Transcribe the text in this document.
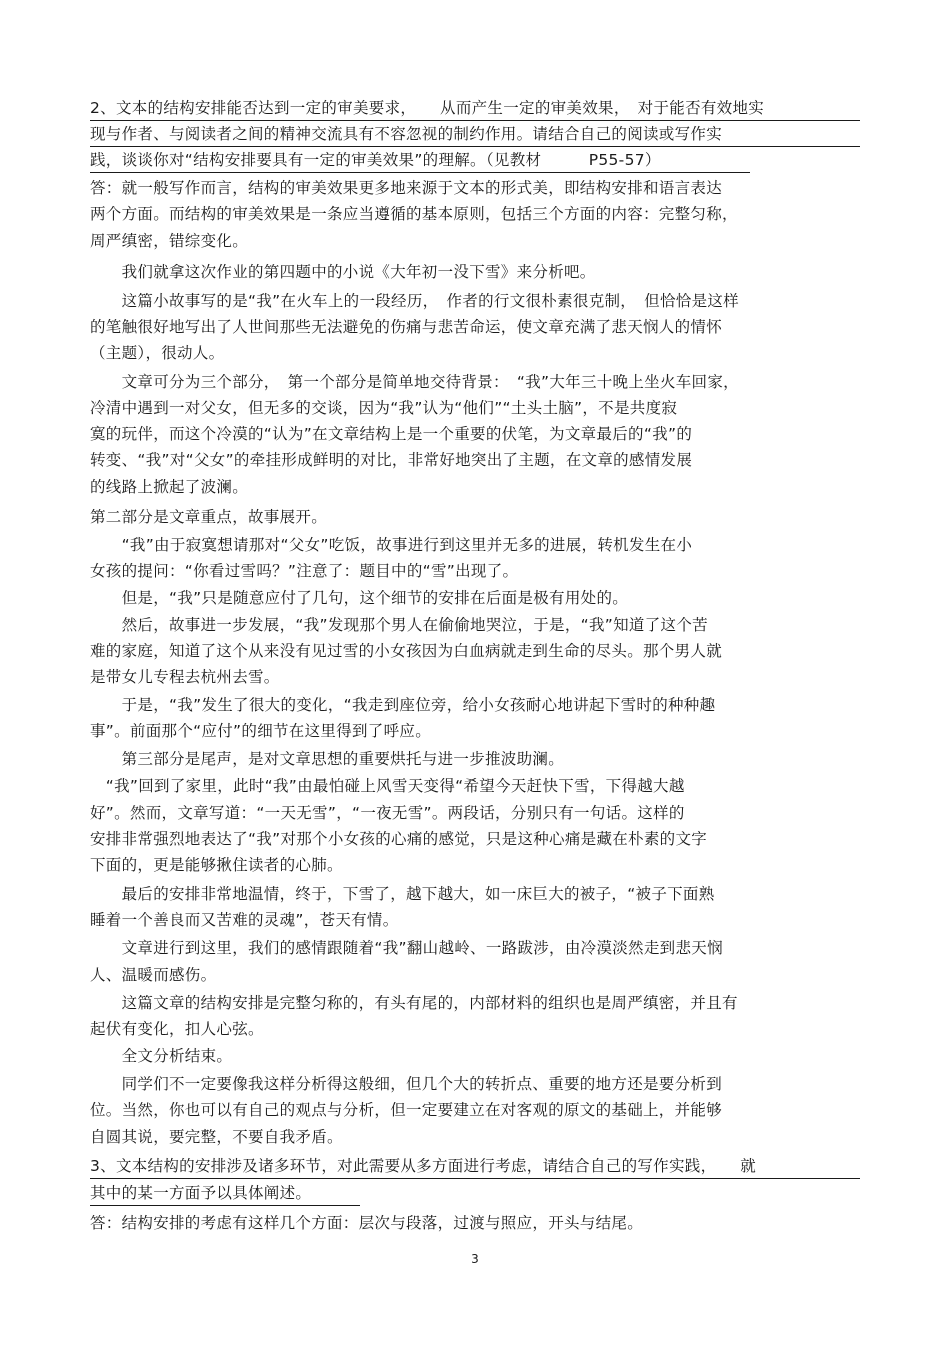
2、文本的结构安排能否达到一定的审美要求，　　从而产生一定的审美效果，　对于能否有效地实
现与作者、与阅读者之间的精神交流具有不容忽视的制约作用。请结合自己的阅读或写作实
践，谈谈你对“结构安排要具有一定的审美效果”的理解。（见教材　　　P55-57）
答：就一般写作而言，结构的审美效果更多地来源于文本的形式美，即结构安排和语言表达
两个方面。而结构的审美效果是一条应当遵循的基本原则，包括三个方面的内容：完整匀称，
周严缜密，错综变化。
　　我们就拿这次作业的第四题中的小说《大年初一没下雪》来分析吧。
　　这篇小故事写的是“我”在火车上的一段经历，　作者的行文很朴素很克制，　但恰恰是这样
的笔触很好地写出了人世间那些无法避免的伤痛与悲苦命运，使文章充满了悲天悯人的情怀
（主题），很动人。
　　文章可分为三个部分，　第一个部分是简单地交待背景：　“我”大年三十晚上坐火车回家，
冷清中遇到一对父女，但无多的交谈，因为“我”认为“他们”“土头土脑”，不是共度寂
寞的玩伴，而这个冷漠的“认为”在文章结构上是一个重要的伏笔，为文章最后的“我”的
转变、“我”对“父女”的牵挂形成鲜明的对比，非常好地突出了主题，在文章的感情发展
的线路上掀起了波澜。
第二部分是文章重点，故事展开。
　　“我”由于寂寞想请那对“父女”吃饭，故事进行到这里并无多的进展，转机发生在小
女孩的提问：“你看过雪吗？”注意了：题目中的“雪”出现了。
　　但是，“我”只是随意应付了几句，这个细节的安排在后面是极有用处的。
　　然后，故事进一步发展，“我”发现那个男人在偷偷地哭泣，于是，“我”知道了这个苦
难的家庭，知道了这个从来没有见过雪的小女孩因为白血病就走到生命的尽头。那个男人就
是带女儿专程去杭州去雪。
　　于是，“我”发生了很大的变化，“我走到座位旁，给小女孩耐心地讲起下雪时的种种趣
事”。前面那个“应付”的细节在这里得到了呼应。
　　第三部分是尾声，是对文章思想的重要烘托与进一步推波助澜。
　“我”回到了家里，此时“我”由最怕碰上风雪天变得“希望今天赶快下雪，下得越大越
好”。然而，文章写道：“一天无雪”，“一夜无雪”。两段话，分别只有一句话。这样的
安排非常强烈地表达了“我”对那个小女孩的心痛的感觉，只是这种心痛是藏在朴素的文字
下面的，更是能够揪住读者的心肺。
　　最后的安排非常地温情，终于，下雪了，越下越大，如一床巨大的被子，“被子下面熟
睡着一个善良而又苦难的灵魂”，苍天有情。
　　文章进行到这里，我们的感情跟随着“我”翻山越岭、一路跋涉，由冷漠淡然走到悲天悯
人、温暖而感伤。
　　这篇文章的结构安排是完整匀称的，有头有尾的，内部材料的组织也是周严缜密，并且有
起伏有变化，扣人心弦。
　　全文分析结束。
　　同学们不一定要像我这样分析得这般细，但几个大的转折点、重要的地方还是要分析到
位。当然，你也可以有自己的观点与分析，但一定要建立在对客观的原文的基础上，并能够
自圆其说，要完整，不要自我矛盾。
3、文本结构的安排涉及诸多环节，对此需要从多方面进行考虑，请结合自己的写作实践，　　就
其中的某一方面予以具体阐述。
答：结构安排的考虑有这样几个方面：层次与段落，过渡与照应，开头与结尾。
3
